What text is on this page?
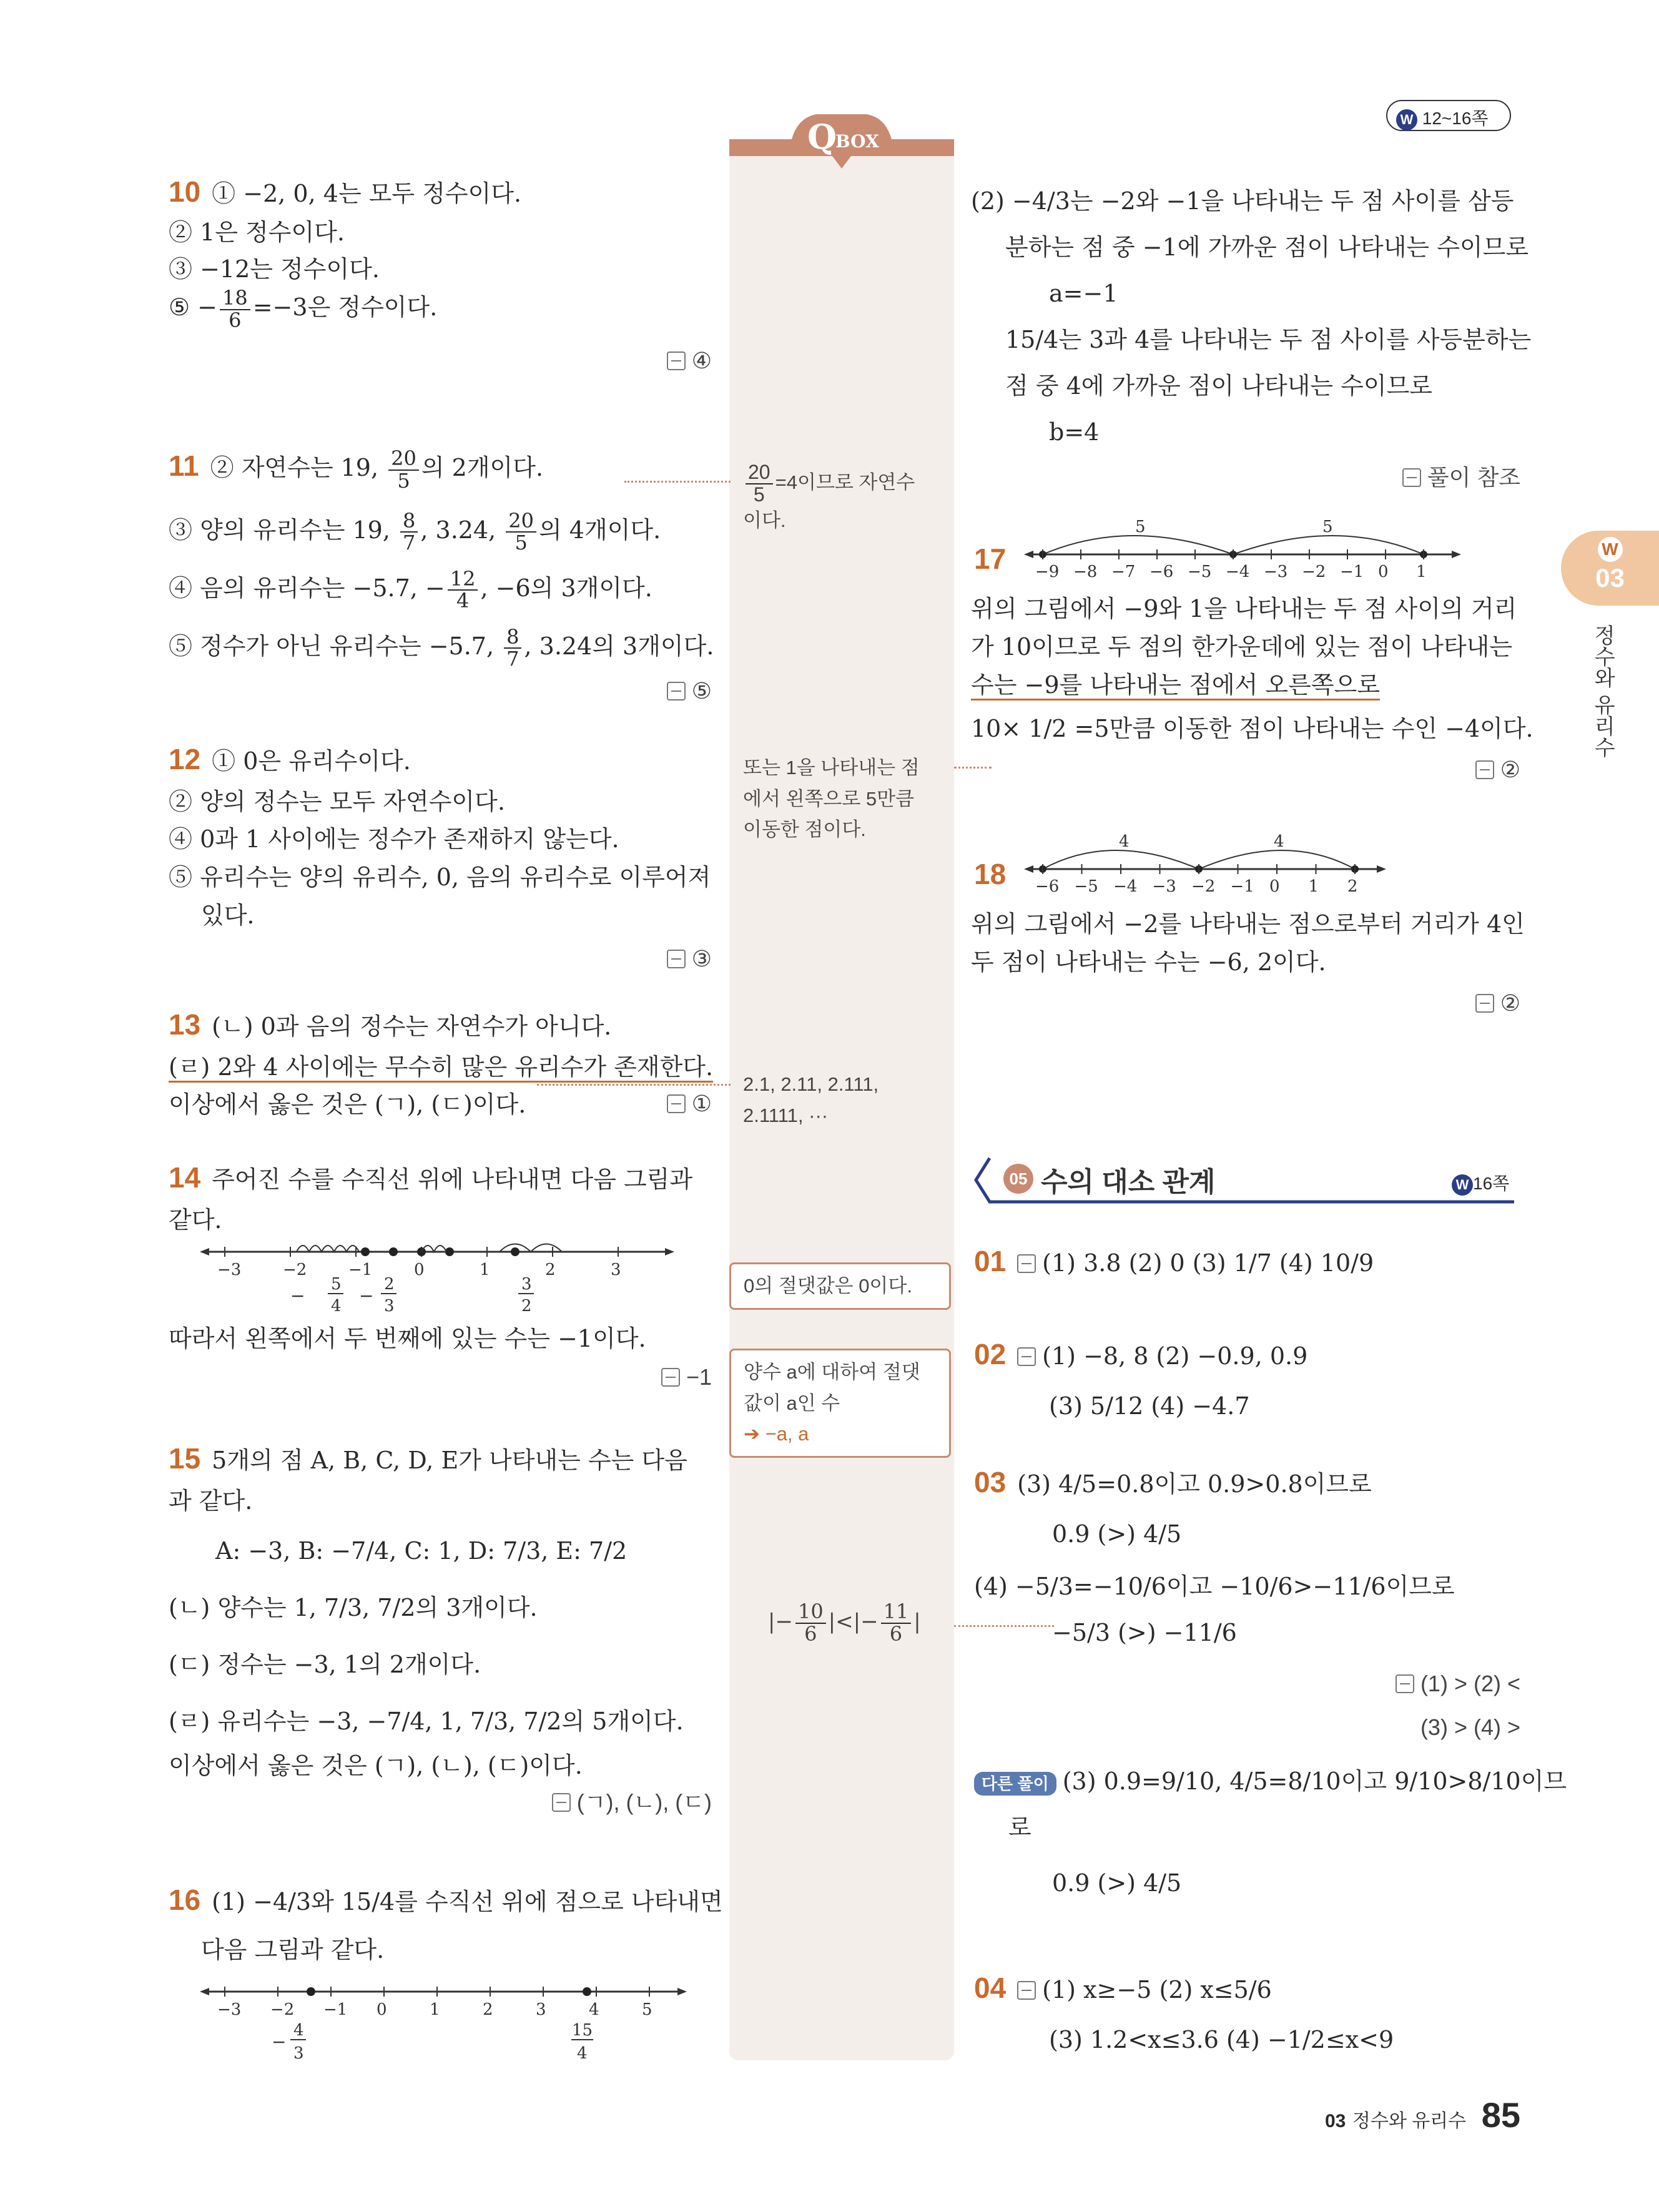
W 12~16쪽
Q
BOX
$\frac{20}{5} =4$이므로 자연수
이다.
또는 1을 나타내는 점
에서 왼쪽으로 5만큼
이동한 점이다.
2.1, 2.11, 2.111,
2.1111, ···
0의 절댓값은 0이다.
양수 a에 대하여 절댓
값이 a인 수
➔ −a, a
|− $\frac{10}{6}$ |<|− $\frac{11}{6}$ |
10 ① −2, 0, 4는 모두 정수이다.
② 1은 정수이다.
③ −12는 정수이다.
⑤ − $\frac{18}{6} =-3$은 정수이다.
④
11 ② 자연수는 19, $\frac{20}{5}$ 의 2개이다.
③ 양의 유리수는 19, $\frac{8}{7}$ , 3.24, $\frac{20}{5}$ 의 4개이다.
④ 음의 유리수는 −5.7, − $\frac{12}{4}$ , −6의 3개이다.
⑤ 정수가 아닌 유리수는 −5.7, $\frac{8}{7}$ , 3.24의 3개이다.
⑤
12 ① 0은 유리수이다.
② 양의 정수는 모두 자연수이다.
④ 0과 1 사이에는 정수가 존재하지 않는다.
⑤ 유리수는 양의 유리수, 0, 음의 유리수로 이루어져
있다.
③
13 (ㄴ) 0과 음의 정수는 자연수가 아니다.
(ㄹ) 2와 4 사이에는 무수히 많은 유리수가 존재한다.
이상에서 옳은 것은 (ㄱ), (ㄷ)이다.	①
14 주어진 수를 수직선 위에 나타내면 다음 그림과
같다.
−3	−2	−1	0	1	2	3
−
5
4 −
2
3
3
2
따라서 왼쪽에서 두 번째에 있는 수는 −1이다.
−1
15 5개의 점 A, B, C, D, E가 나타내는 수는 다음
과 같다.
A: −3, B: −7/4, C: 1, D: 7/3, E: 7/2
(ㄴ) 양수는 1, 7/3, 7/2의 3개이다.
(ㄷ) 정수는 −3, 1의 2개이다.
(ㄹ) 유리수는 −3, −7/4, 1, 7/3, 7/2의 5개이다.
이상에서 옳은 것은 (ㄱ), (ㄴ), (ㄷ)이다.
(ㄱ), (ㄴ), (ㄷ)
16 (1) −4/3와 15/4를 수직선 위에 점으로 나타내면
다음 그림과 같다.
−3 −2 −1 0	1	2	3	4	5
−
4
3
15
4
(2) −4/3는 −2와 −1을 나타내는 두 점 사이를 삼등
분하는 점 중 −1에 가까운 점이 나타내는 수이므로
a=−1
15/4는 3과 4를 나타내는 두 점 사이를 사등분하는
점 중 4에 가까운 점이 나타내는 수이므로
b=4
풀이 참조
17
5	5
−9 −8 −7 −6 −5 −4 −3 −2 −1 0 1
위의 그림에서 −9와 1을 나타내는 두 점 사이의 거리
가 10이므로 두 점의 한가운데에 있는 점이 나타내는
수는 −9를 나타내는 점에서 오른쪽으로
10× 1/2 =5만큼 이동한 점이 나타내는 수인 −4이다.
②
18
4	4
−6 −5 −4 −3 −2 −1 0 1 2
위의 그림에서 −2를 나타내는 점으로부터 거리가 4인
두 점이 나타내는 수는 −6, 2이다.
②
05 수의 대소 관계	W 16쪽
01 (1) 3.8 (2) 0 (3) 1/7 (4) 10/9
02 (1) −8, 8 (2) −0.9, 0.9
(3) 5/12 (4) −4.7
03 (3) 4/5=0.8이고 0.9>0.8이므로
0.9 (>) 4/5
(4) −5/3=−10/6이고 −10/6>−11/6이므로
−5/3 (>) −11/6
(1) > (2) <
(3) > (4) >
다른 풀이 (3) 0.9=9/10, 4/5=8/10이고 9/10>8/10이므
로
0.9 (>) 4/5
04 (1) x≥−5 (2) x≤5/6
(3) 1.2<x≤3.6 (4) −1/2≤x<9
W
03
정수와 유리수
03 정수와 유리수 85
